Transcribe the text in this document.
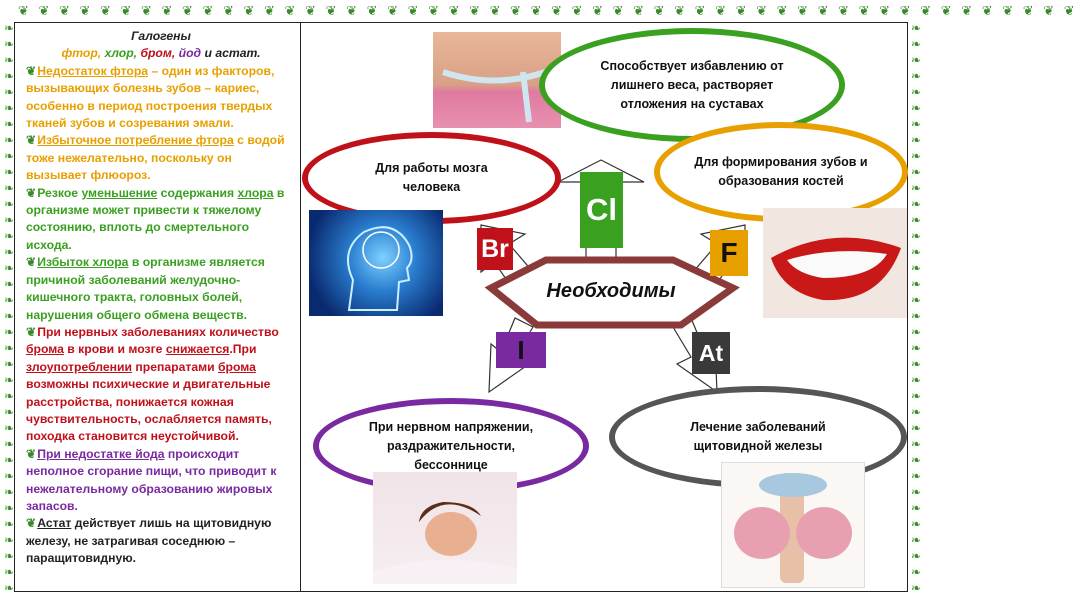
❦ ❦ ❦ ❦ ❦ ❦ ❦ ❦ ❦ ❦ ❦ ❦ ❦ ❦ ❦ ❦ ❦ ❦ ❦ ❦ ❦ ❦ ❦ ❦ ❦ ❦ ❦ ❦ ❦ ❦ ❦ ❦ ❦ ❦ ❦ ❦ ❦ ❦ ❦ ❦ ❦ ❦ ❦ ❦ ❦ ❦ ❦ ❦ ❦ ❦ ❦ ❦
❧
❧
❧
❧
❧
❧
❧
❧
❧
❧
❧
❧
❧
❧
❧
❧
❧
❧
❧
❧
❧
❧
❧
❧
❧
❧
❧
❧
❧
❧
❧
❧
❧
❧
❧
❧
❧
❧
❧
❧
❧
❧
❧
❧
❧
❧
❧
❧
❧
❧
❧
❧
❧
❧
❧
❧
❧
❧
❧
❧
❧
❧
❧
❧
❧
❧
❧
❧
❧
❧
❧
❧

Галогены

фтор, хлор, бром, йод и астат.

❦Недостаток фтора – один из факторов, вызывающих болезнь зубов – кариес, особенно в период построения твердых тканей зубов и созревания эмали.

❦Избыточное потребление фтора с водой тоже нежелательно, поскольку он вызывает флюороз.

❦Резкое уменьшение содержания хлора в организме может привести к тяжелому состоянию, вплоть до смертельного исхода.

❦Избыток хлора в организме является причиной заболеваний желудочно-кишечного тракта, головных болей, нарушения общего обмена веществ.

❦При нервных заболеваниях количество брома в крови и мозге снижается.При злоупотреблении препаратами брома возможны психические и двигательные расстройства, понижается кожная чувствительность, ослабляется память, походка становится неустойчивой.

❦При недостатке йода происходит неполное сгорание пищи, что приводит к нежелательному образованию жировых запасов.

❦Астат действует лишь на щитовидную железу, не затрагивая соседнюю – паращитовидную.

Cl
Br	F
I	At
Необходимы
Способствует избавлению от лишнего веса, растворяет отложения на суставах
Для работы мозга человека
Для формирования зубов и образования костей
При нервном напряжении, раздражительности, бессоннице
Лечение заболеваний щитовидной железы
